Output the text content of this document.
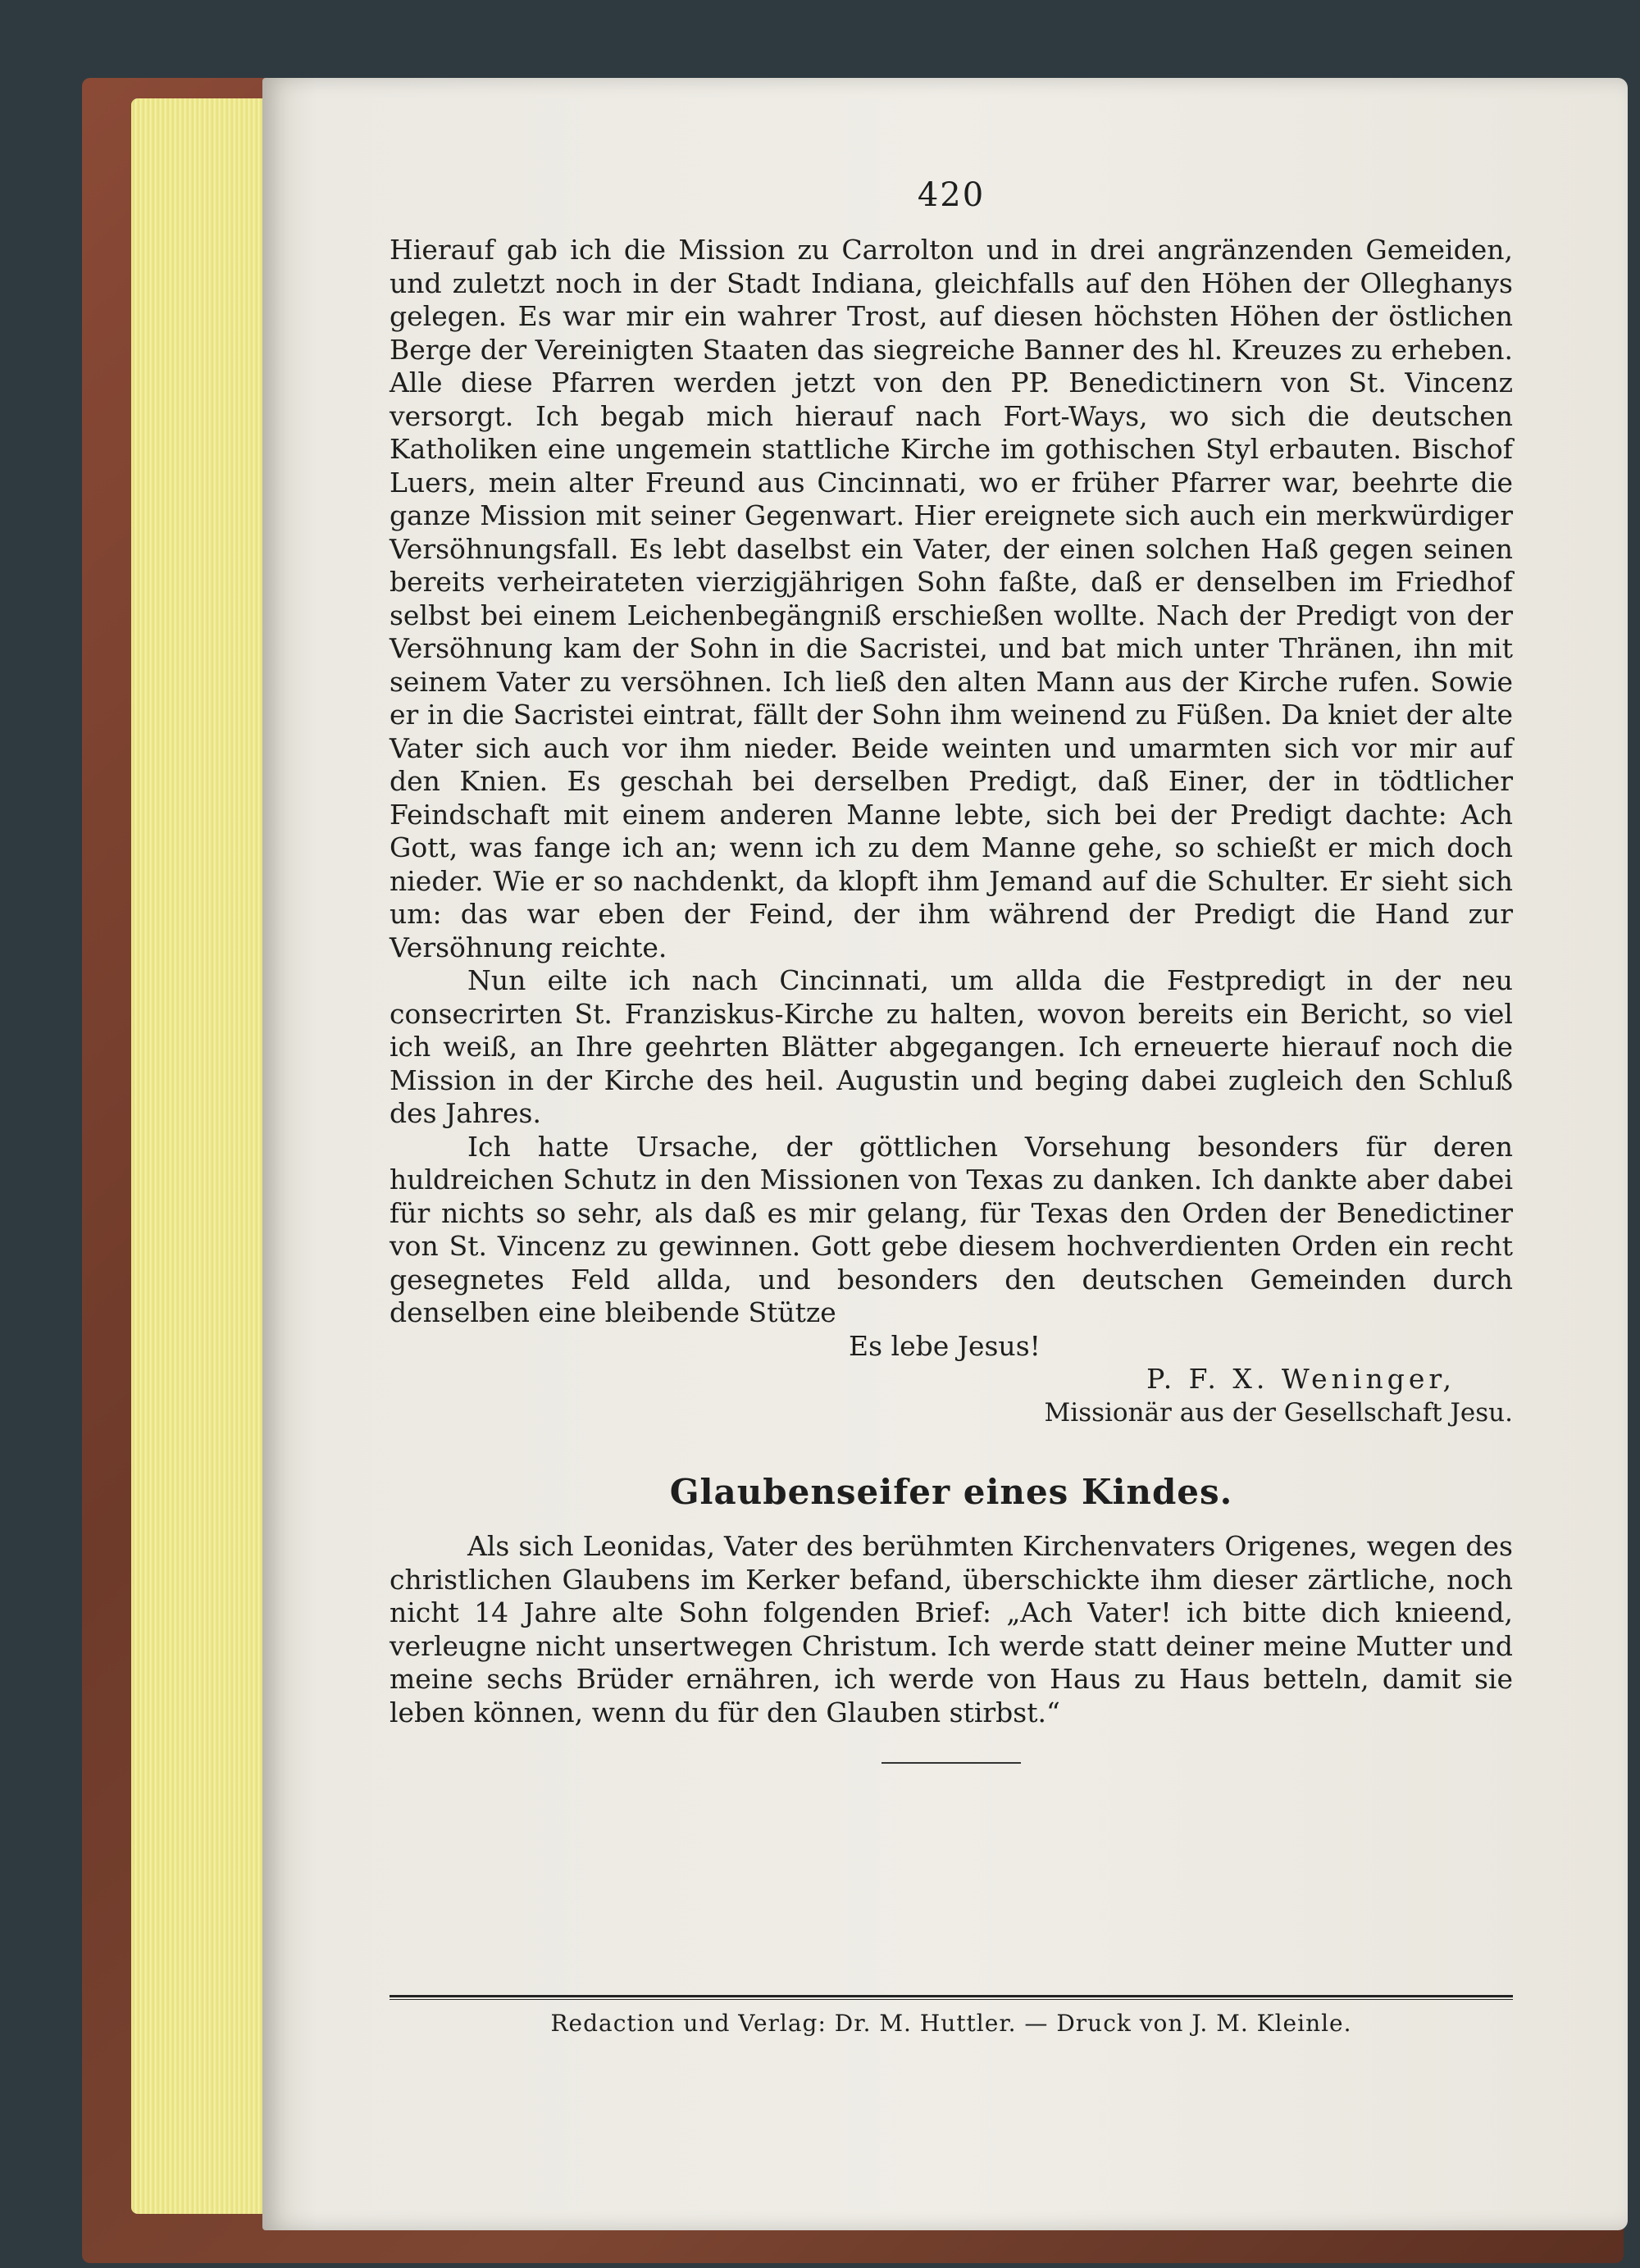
420

Hierauf gab ich die Mission zu Carrolton und in drei angränzenden Gemeiden, und zuletzt noch in der Stadt Indiana, gleichfalls auf den Höhen der Olleghanys gelegen. Es war mir ein wahrer Trost, auf diesen höchsten Höhen der östlichen Berge der Vereinigten Staaten das siegreiche Banner des hl. Kreuzes zu erheben. Alle diese Pfarren werden jetzt von den PP. Benedictinern von St. Vincenz versorgt. Ich begab mich hierauf nach Fort-Ways, wo sich die deutschen Katholiken eine ungemein stattliche Kirche im gothischen Styl erbauten. Bischof Luers, mein alter Freund aus Cincinnati, wo er früher Pfarrer war, beehrte die ganze Mission mit seiner Gegenwart. Hier ereignete sich auch ein merkwürdiger Versöhnungsfall. Es lebt daselbst ein Vater, der einen solchen Haß gegen seinen bereits verheirateten vierzigjährigen Sohn faßte, daß er denselben im Friedhof selbst bei einem Leichenbegängniß erschießen wollte. Nach der Predigt von der Versöhnung kam der Sohn in die Sacristei, und bat mich unter Thränen, ihn mit seinem Vater zu versöhnen. Ich ließ den alten Mann aus der Kirche rufen. Sowie er in die Sacristei eintrat, fällt der Sohn ihm weinend zu Füßen. Da kniet der alte Vater sich auch vor ihm nieder. Beide weinten und umarmten sich vor mir auf den Knien. Es geschah bei derselben Predigt, daß Einer, der in tödtlicher Feindschaft mit einem anderen Manne lebte, sich bei der Predigt dachte: Ach Gott, was fange ich an; wenn ich zu dem Manne gehe, so schießt er mich doch nieder. Wie er so nachdenkt, da klopft ihm Jemand auf die Schulter. Er sieht sich um: das war eben der Feind, der ihm während der Predigt die Hand zur Versöhnung reichte.

Nun eilte ich nach Cincinnati, um allda die Festpredigt in der neu consecrirten St. Franziskus-Kirche zu halten, wovon bereits ein Bericht, so viel ich weiß, an Ihre geehrten Blätter abgegangen. Ich erneuerte hierauf noch die Mission in der Kirche des heil. Augustin und beging dabei zugleich den Schluß des Jahres.

Ich hatte Ursache, der göttlichen Vorsehung besonders für deren huldreichen Schutz in den Missionen von Texas zu danken. Ich dankte aber dabei für nichts so sehr, als daß es mir gelang, für Texas den Orden der Benedictiner von St. Vincenz zu gewinnen. Gott gebe diesem hochverdienten Orden ein recht gesegnetes Feld allda, und besonders den deutschen Gemeinden durch denselben eine bleibende Stütze

Es lebe Jesus!

P. F. X. Weninger,

Missionär aus der Gesellschaft Jesu.

Glaubenseifer eines Kindes.

Als sich Leonidas, Vater des berühmten Kirchenvaters Origenes, wegen des christlichen Glaubens im Kerker befand, überschickte ihm dieser zärtliche, noch nicht 14 Jahre alte Sohn folgenden Brief: „Ach Vater! ich bitte dich knieend, verleugne nicht unsertwegen Christum. Ich werde statt deiner meine Mutter und meine sechs Brüder ernähren, ich werde von Haus zu Haus betteln, damit sie leben können, wenn du für den Glauben stirbst.“

Redaction und Verlag: Dr. M. Huttler. — Druck von J. M. Kleinle.
